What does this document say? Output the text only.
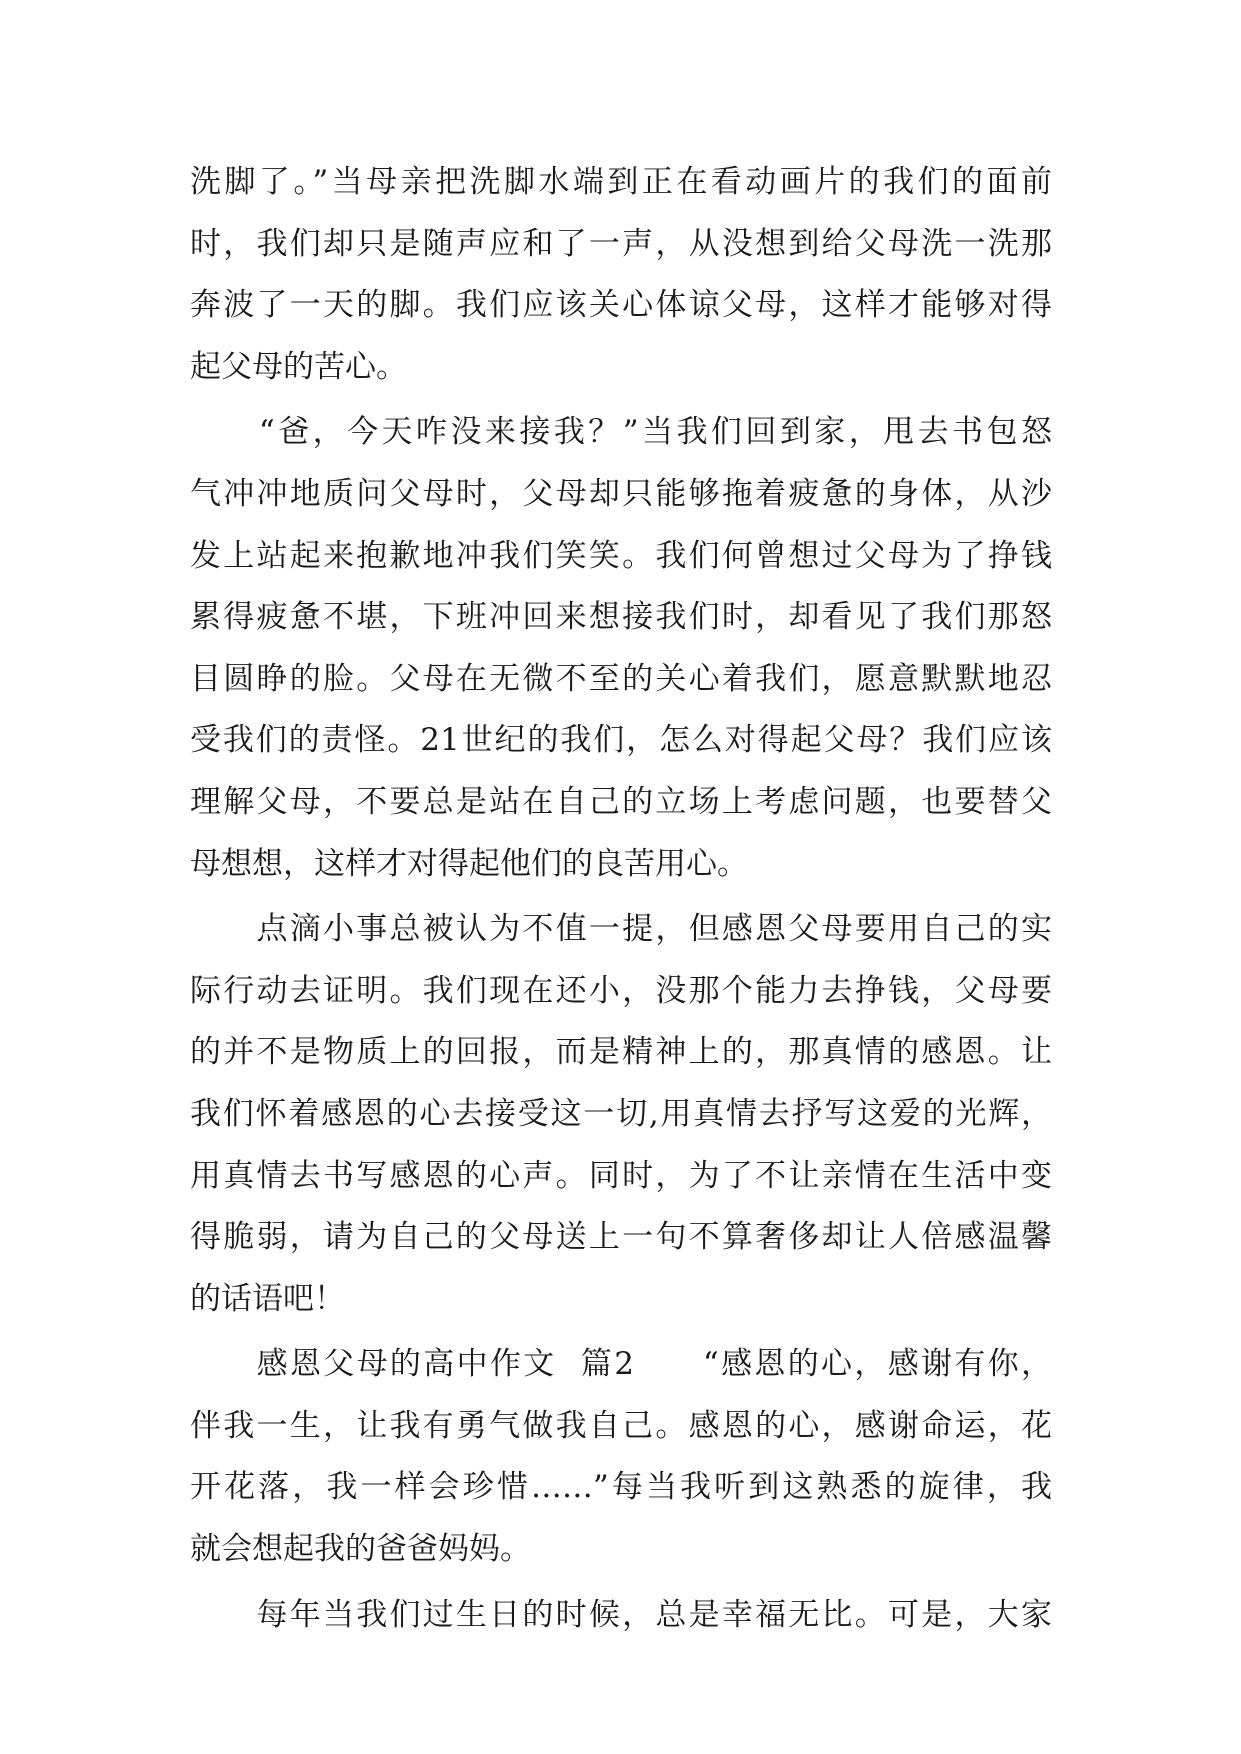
洗脚了。”当母亲把洗脚水端到正在看动画片的我们的面前
时，我们却只是随声应和了一声，从没想到给父母洗一洗那
奔波了一天的脚。我们应该关心体谅父母，这样才能够对得
起父母的苦心。
　　“爸，今天咋没来接我？”当我们回到家，甩去书包怒
气冲冲地质问父母时，父母却只能够拖着疲惫的身体，从沙
发上站起来抱歉地冲我们笑笑。我们何曾想过父母为了挣钱
累得疲惫不堪，下班冲回来想接我们时，却看见了我们那怒
目圆睁的脸。父母在无微不至的关心着我们，愿意默默地忍
受我们的责怪。21世纪的我们，怎么对得起父母？我们应该
理解父母，不要总是站在自己的立场上考虑问题，也要替父
母想想，这样才对得起他们的良苦用心。
　　点滴小事总被认为不值一提，但感恩父母要用自己的实
际行动去证明。我们现在还小，没那个能力去挣钱，父母要
的并不是物质上的回报，而是精神上的，那真情的感恩。让
我们怀着感恩的心去接受这一切,用真情去抒写这爱的光辉，
用真情去书写感恩的心声。同时，为了不让亲情在生活中变
得脆弱，请为自己的父母送上一句不算奢侈却让人倍感温馨
的话语吧！
　　感恩父母的高中作文  篇2　　“感恩的心，感谢有你，
伴我一生，让我有勇气做我自己。感恩的心，感谢命运，花
开花落，我一样会珍惜……”每当我听到这熟悉的旋律，我
就会想起我的爸爸妈妈。
　　每年当我们过生日的时候，总是幸福无比。可是，大家
